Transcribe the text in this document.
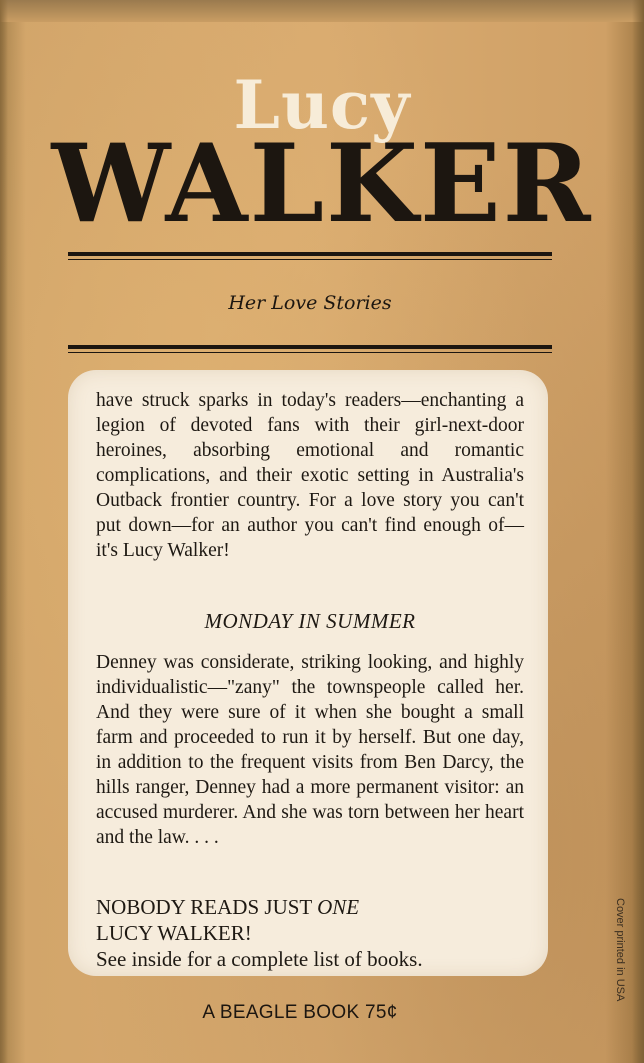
Lucy
WALKER
Her Love Stories

have struck sparks in today's readers—enchanting a legion of devoted fans with their girl-next-door heroines, absorbing emotional and romantic complications, and their exotic setting in Australia's Outback frontier country. For a love story you can't put down—for an author you can't find enough of—it's Lucy Walker!

MONDAY IN SUMMER

Denney was considerate, striking looking, and highly individualistic—"zany" the townspeople called her. And they were sure of it when she bought a small farm and proceeded to run it by herself. But one day, in addition to the frequent visits from Ben Darcy, the hills ranger, Denney had a more permanent visitor: an accused murderer. And she was torn between her heart and the law. . . .

NOBODY READS JUST ONE
LUCY WALKER!
See inside for a complete list of books.

A BEAGLE BOOK 75¢
Cover printed in USA
